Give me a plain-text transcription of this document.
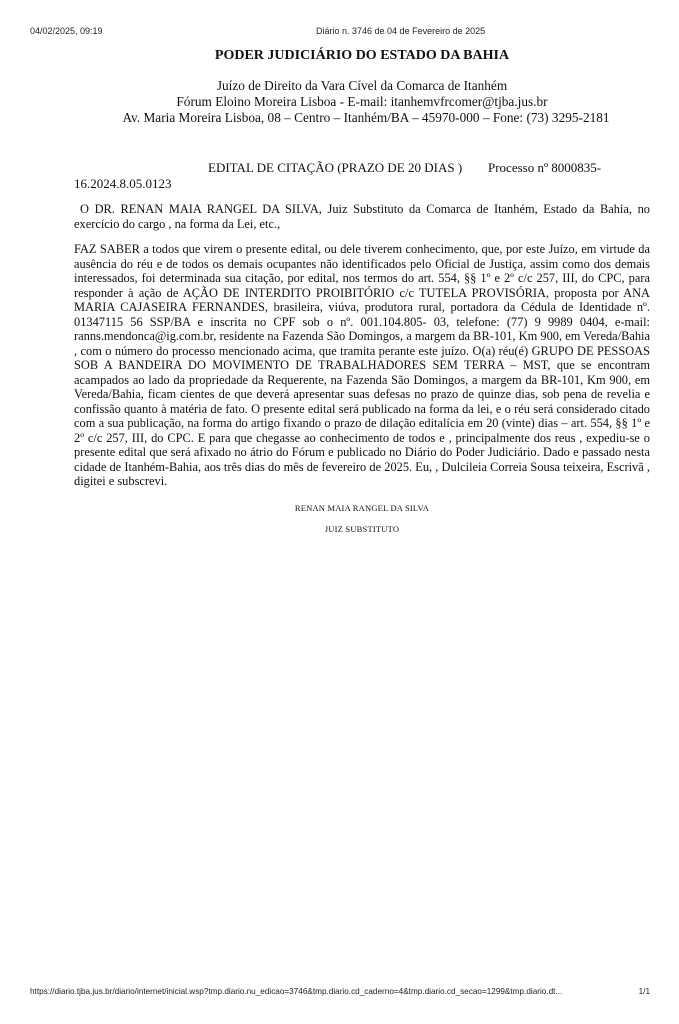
04/02/2025, 09:19	Diário n. 3746 de 04 de Fevereiro de 2025
PODER JUDICIÁRIO DO ESTADO DA BAHIA
Juízo de Direito da Vara Cível da Comarca de Itanhém
Fórum Eloino Moreira Lisboa - E-mail: itanhemvfrcomer@tjba.jus.br
Av. Maria Moreira Lisboa, 08 – Centro – Itanhém/BA – 45970-000 – Fone: (73) 3295-2181
EDITAL DE CITAÇÃO (PRAZO DE 20 DIAS ) Processo nº 8000835-
16.2024.8.05.0123

O DR. RENAN MAIA RANGEL DA SILVA, Juiz Substituto da Comarca de Itanhém, Estado da Bahia, no exercício do cargo , na forma da Lei, etc.,

FAZ SABER a todos que virem o presente edital, ou dele tiverem conhecimento, que, por este Juízo, em virtude da ausência do réu e de todos os demais ocupantes não identificados pelo Oficial de Justiça, assim como dos demais interessados, foi determinada sua citação, por edital, nos termos do art. 554, §§ 1º e 2º c/c 257, III, do CPC, para responder à ação de AÇÃO DE INTERDITO PROIBITÓRIO c/c TUTELA PROVISÓRIA, proposta por ANA MARIA CAJASEIRA FERNANDES, brasileira, viúva, produtora rural, portadora da Cédula de Identidade nº. 01347115 56 SSP/BA e inscrita no CPF sob o nº. 001.104.805- 03, telefone: (77) 9 9989 0404, e-mail: ranns.mendonca@ig.com.br, residente na Fazenda São Domingos, a margem da BR-101, Km 900, em Vereda/Bahia , com o número do processo mencionado acima, que tramita perante este juízo. O(a) réu(é) GRUPO DE PESSOAS SOB A BANDEIRA DO MOVIMENTO DE TRABALHADORES SEM TERRA – MST, que se encontram acampados ao lado da propriedade da Requerente, na Fazenda São Domingos, a margem da BR-101, Km 900, em Vereda/Bahia, ficam cientes de que deverá apresentar suas defesas no prazo de quinze dias, sob pena de revelia e confissão quanto à matéria de fato. O presente edital será publicado na forma da lei, e o réu será considerado citado com a sua publicação, na forma do artigo fixando o prazo de dilação editalícia em 20 (vinte) dias – art. 554, §§ 1º e 2º c/c 257, III, do CPC. E para que chegasse ao conhecimento de todos e , principalmente dos reus , expediu-se o presente edital que será afixado no átrio do Fórum e publicado no Diário do Poder Judiciário. Dado e passado nesta cidade de Itanhém-Bahia, aos três dias do mês de fevereiro de 2025. Eu, , Dulcileia Correia Sousa teixeira, Escrivã , digitei e subscrevi.

RENAN MAIA RANGEL DA SILVA
JUIZ SUBSTITUTO
https://diario.tjba.jus.br/diario/internet/inicial.wsp?tmp.diario.nu_edicao=3746&tmp.diario.cd_caderno=4&tmp.diario.cd_secao=1299&tmp.diario.dt...	1/1
